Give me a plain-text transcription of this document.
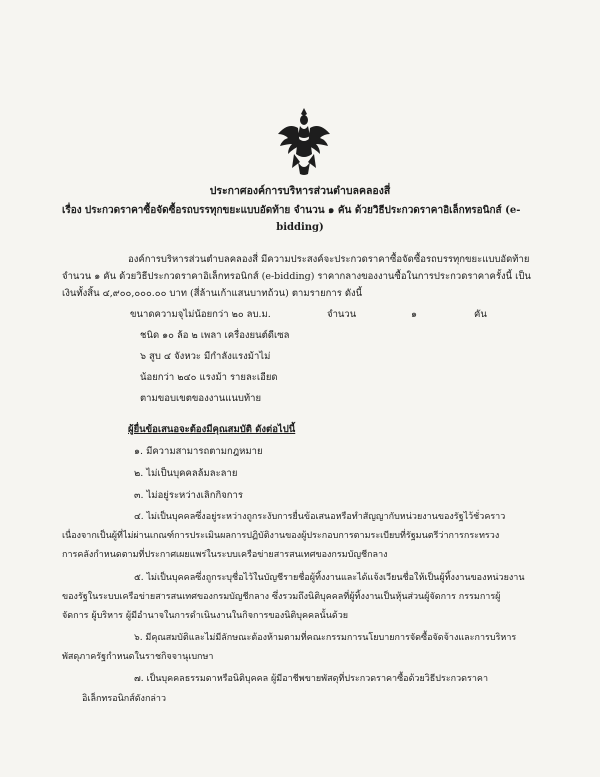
ประกาศองค์การบริหารส่วนตำบลคลองสี่
เรื่อง ประกวดราคาซื้อจัดซื้อรถบรรทุกขยะแบบอัดท้าย จำนวน ๑ คัน ด้วยวิธีประกวดราคาอิเล็กทรอนิกส์ (e-
bidding)
องค์การบริหารส่วนตำบลคลองสี่ มีความประสงค์จะประกวดราคาซื้อจัดซื้อรถบรรทุกขยะแบบอัดท้าย
จำนวน ๑ คัน ด้วยวิธีประกวดราคาอิเล็กทรอนิกส์ (e-bidding) ราคากลางของงานซื้อในการประกวดราคาครั้งนี้ เป็น
เงินทั้งสิ้น ๔,๙๐๐,๐๐๐.๐๐ บาท (สี่ล้านเก้าแสนบาทถ้วน) ตามรายการ ดังนี้
ขนาดความจุไม่น้อยกว่า ๒๐ ลบ.ม.	จำนวน	๑	คัน
ชนิด ๑๐ ล้อ ๒ เพลา เครื่องยนต์ดีเซล
๖ สูบ ๔ จังหวะ มีกำลังแรงม้าไม่
น้อยกว่า ๒๔๐ แรงม้า รายละเอียด
ตามขอบเขตของงานแนบท้าย
ผู้ยื่นข้อเสนอจะต้องมีคุณสมบัติ ดังต่อไปนี้
๑. มีความสามารถตามกฎหมาย
๒. ไม่เป็นบุคคลล้มละลาย
๓. ไม่อยู่ระหว่างเลิกกิจการ
๔. ไม่เป็นบุคคลซึ่งอยู่ระหว่างถูกระงับการยื่นข้อเสนอหรือทำสัญญากับหน่วยงานของรัฐไว้ชั่วคราว
เนื่องจากเป็นผู้ที่ไม่ผ่านเกณฑ์การประเมินผลการปฏิบัติงานของผู้ประกอบการตามระเบียบที่รัฐมนตรีว่าการกระทรวง
การคลังกำหนดตามที่ประกาศเผยแพร่ในระบบเครือข่ายสารสนเทศของกรมบัญชีกลาง
๕. ไม่เป็นบุคคลซึ่งถูกระบุชื่อไว้ในบัญชีรายชื่อผู้ทิ้งงานและได้แจ้งเวียนชื่อให้เป็นผู้ทิ้งงานของหน่วยงาน
ของรัฐในระบบเครือข่ายสารสนเทศของกรมบัญชีกลาง ซึ่งรวมถึงนิติบุคคลที่ผู้ทิ้งงานเป็นหุ้นส่วนผู้จัดการ กรรมการผู้
จัดการ ผู้บริหาร ผู้มีอำนาจในการดำเนินงานในกิจการของนิติบุคคลนั้นด้วย
๖. มีคุณสมบัติและไม่มีลักษณะต้องห้ามตามที่คณะกรรมการนโยบายการจัดซื้อจัดจ้างและการบริหาร
พัสดุภาครัฐกำหนดในราชกิจจานุเบกษา
๗. เป็นบุคคลธรรมดาหรือนิติบุคคล ผู้มีอาชีพขายพัสดุที่ประกวดราคาซื้อด้วยวิธีประกวดราคา
อิเล็กทรอนิกส์ดังกล่าว
